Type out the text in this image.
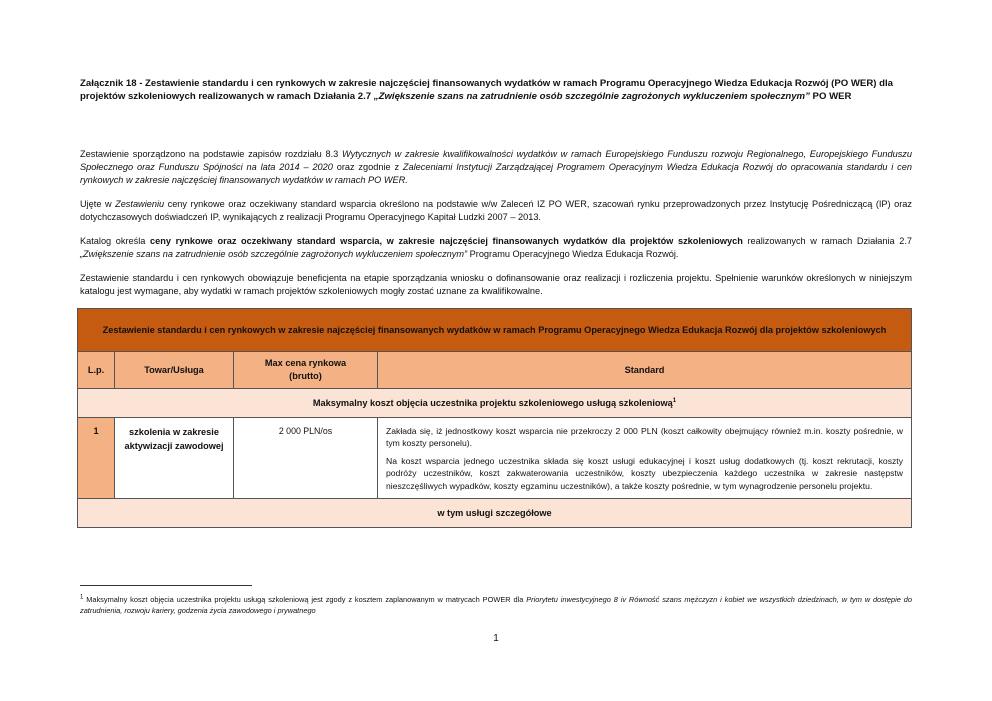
Załącznik 18 - Zestawienie standardu i cen rynkowych w zakresie najczęściej finansowanych wydatków w ramach Programu Operacyjnego Wiedza Edukacja Rozwój (PO WER) dla projektów szkoleniowych realizowanych w ramach Działania 2.7 „Zwiększenie szans na zatrudnienie osób szczególnie zagrożonych wykluczeniem społecznym” PO WER
Zestawienie sporządzono na podstawie zapisów rozdziału 8.3 Wytycznych w zakresie kwalifikowalności wydatków w ramach Europejskiego Funduszu rozwoju Regionalnego, Europejskiego Funduszu Społecznego oraz Funduszu Spójności na lata 2014 – 2020 oraz zgodnie z Zaleceniami Instytucji Zarządzającej Programem Operacyjnym Wiedza Edukacja Rozwój do opracowania standardu i cen rynkowych w zakresie najczęściej finansowanych wydatków w ramach PO WER.
Ujęte w Zestawieniu ceny rynkowe oraz oczekiwany standard wsparcia określono na podstawie w/w Zaleceń IZ PO WER, szacowań rynku przeprowadzonych przez Instytucję Pośredniczącą (IP) oraz dotychczasowych doświadczeń IP, wynikających z realizacji Programu Operacyjnego Kapitał Ludzki 2007 – 2013.
Katalog określa ceny rynkowe oraz oczekiwany standard wsparcia, w zakresie najczęściej finansowanych wydatków dla projektów szkoleniowych realizowanych w ramach Działania 2.7 „Zwiększenie szans na zatrudnienie osób szczególnie zagrożonych wykluczeniem społecznym” Programu Operacyjnego Wiedza Edukacja Rozwój.
Zestawienie standardu i cen rynkowych obowiązuje beneficjenta na etapie sporządzania wniosku o dofinansowanie oraz realizacji i rozliczenia projektu. Spełnienie warunków określonych w niniejszym katalogu jest wymagane, aby wydatki w ramach projektów szkoleniowych mogły zostać uznane za kwalifikowalne.
Zestawienie standardu i cen rynkowych w zakresie najczęściej finansowanych wydatków w ramach Programu Operacyjnego Wiedza Edukacja Rozwój dla projektów szkoleniowych			
L.p.	Towar/Usługa	Max cena rynkowa (brutto)	Standard
Maksymalny koszt objęcia uczestnika projektu szkoleniowego usługą szkoleniową$^1$
1	szkolenia w zakresie aktywizacji zawodowej	2 000 PLN/os	Zakłada się, iż jednostkowy koszt wsparcia nie przekroczy 2 000 PLN (koszt całkowity obejmujący również m.in. koszty pośrednie, w tym koszty personelu).

Na koszt wsparcia jednego uczestnika składa się koszt usługi edukacyjnej i koszt usług dodatkowych (tj. koszt rekrutacji, koszty podróży uczestników, koszt zakwaterowania uczestników, koszty ubezpieczenia każdego uczestnika w zakresie następstw nieszczęśliwych wypadków, koszty egzaminu uczestników), a także koszty pośrednie, w tym wynagrodzenie personelu projektu.

w tym usługi szczegółowe			
$^1$ Maksymalny koszt objęcia uczestnika projektu usługą szkoleniową jest zgody z kosztem zaplanowanym w matrycach POWER dla Priorytetu inwestycyjnego 8 iv Równość szans mężczyzn i kobiet we wszystkich dziedzinach, w tym w dostępie do zatrudnienia, rozwoju kariery, godzenia życia zawodowego i prywatnego
1
